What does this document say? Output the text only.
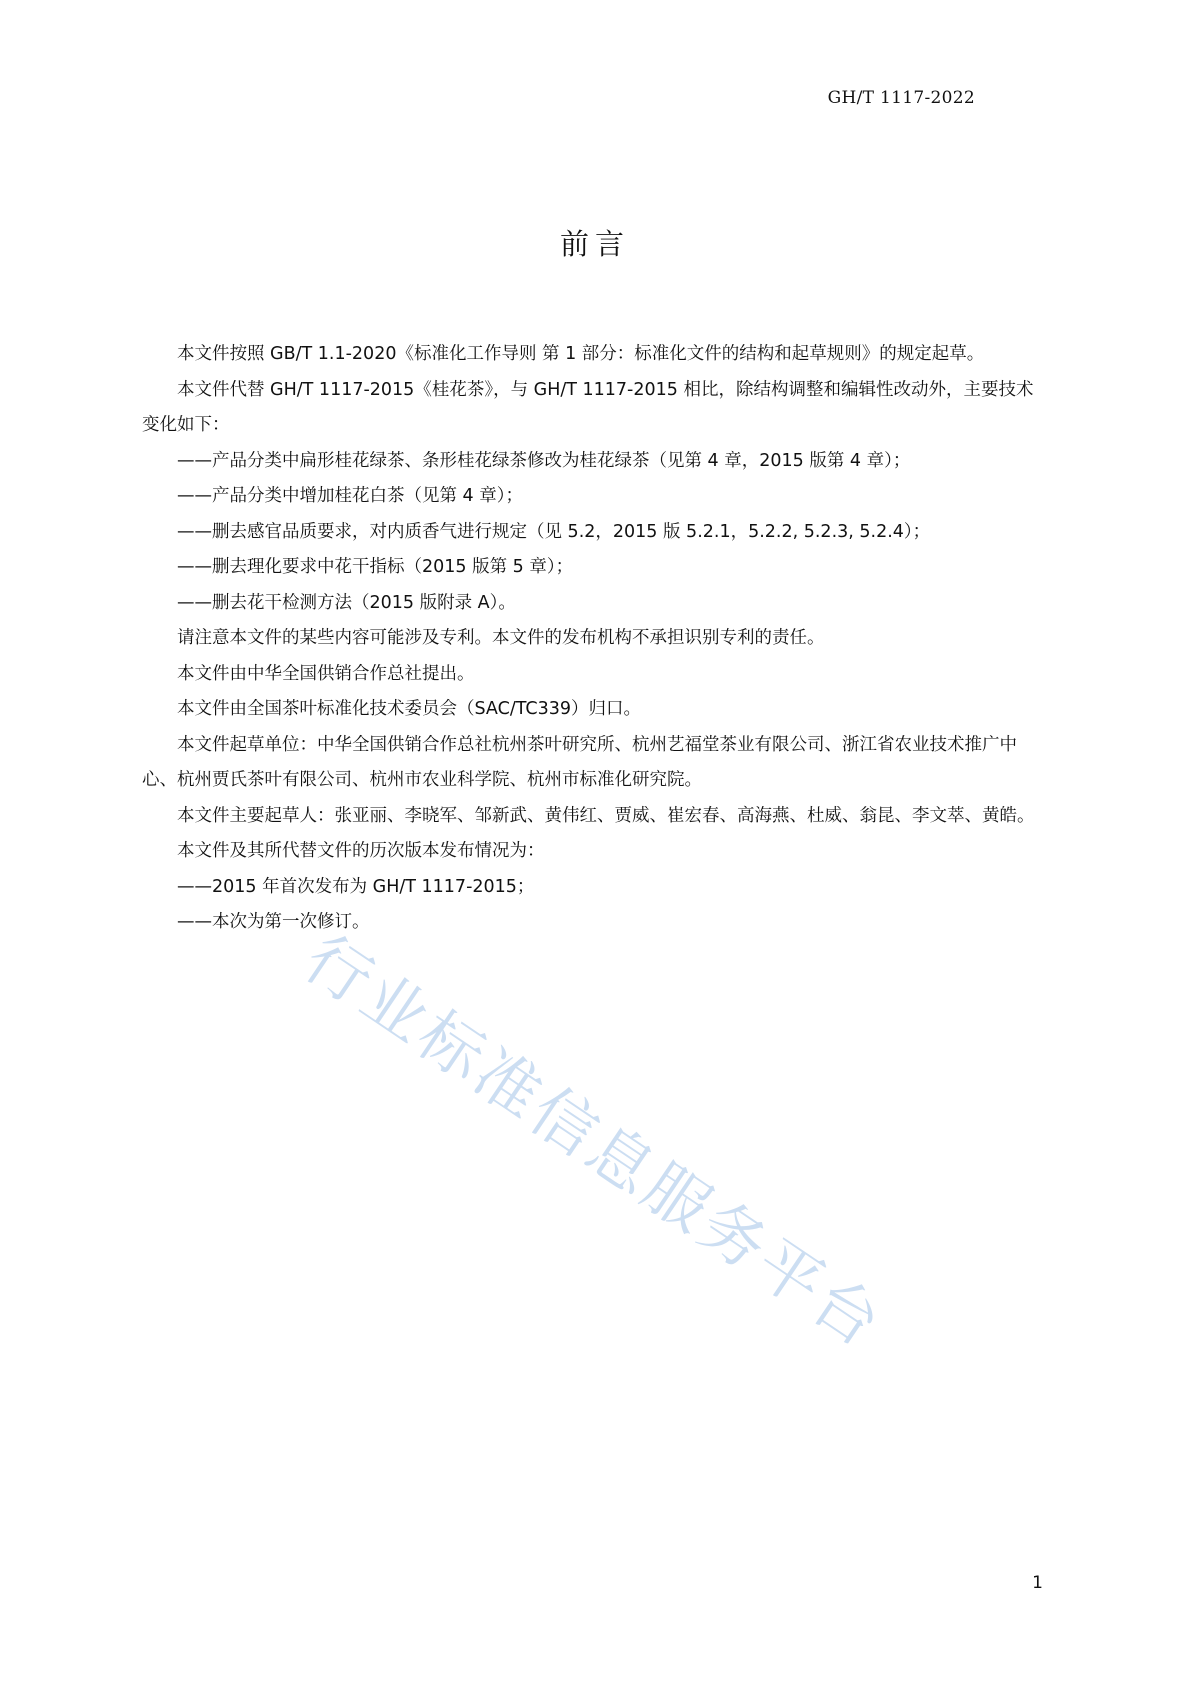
GH/T 1117-2022
前言

本文件按照 GB/T 1.1-2020《标准化工作导则 第 1 部分：标准化文件的结构和起草规则》的规定起草。

本文件代替 GH/T 1117-2015《桂花茶》，与 GH/T 1117-2015 相比，除结构调整和编辑性改动外，主要技术变化如下：

——产品分类中扁形桂花绿茶、条形桂花绿茶修改为桂花绿茶（见第 4 章，2015 版第 4 章）；

——产品分类中增加桂花白茶（见第 4 章）；

——删去感官品质要求，对内质香气进行规定（见 5.2，2015 版 5.2.1，5.2.2, 5.2.3, 5.2.4）；

——删去理化要求中花干指标（2015 版第 5 章）；

——删去花干检测方法（2015 版附录 A）。

请注意本文件的某些内容可能涉及专利。本文件的发布机构不承担识别专利的责任。

本文件由中华全国供销合作总社提出。

本文件由全国茶叶标准化技术委员会（SAC/TC339）归口。

本文件起草单位：中华全国供销合作总社杭州茶叶研究所、杭州艺福堂茶业有限公司、浙江省农业技术推广中心、杭州贾氏茶叶有限公司、杭州市农业科学院、杭州市标准化研究院。

本文件主要起草人：张亚丽、李晓军、邹新武、黄伟红、贾威、崔宏春、高海燕、杜威、翁昆、李文萃、黄皓。

本文件及其所代替文件的历次版本发布情况为：

——2015 年首次发布为 GH/T 1117-2015；

——本次为第一次修订。

行业标准信息服务平台
1
